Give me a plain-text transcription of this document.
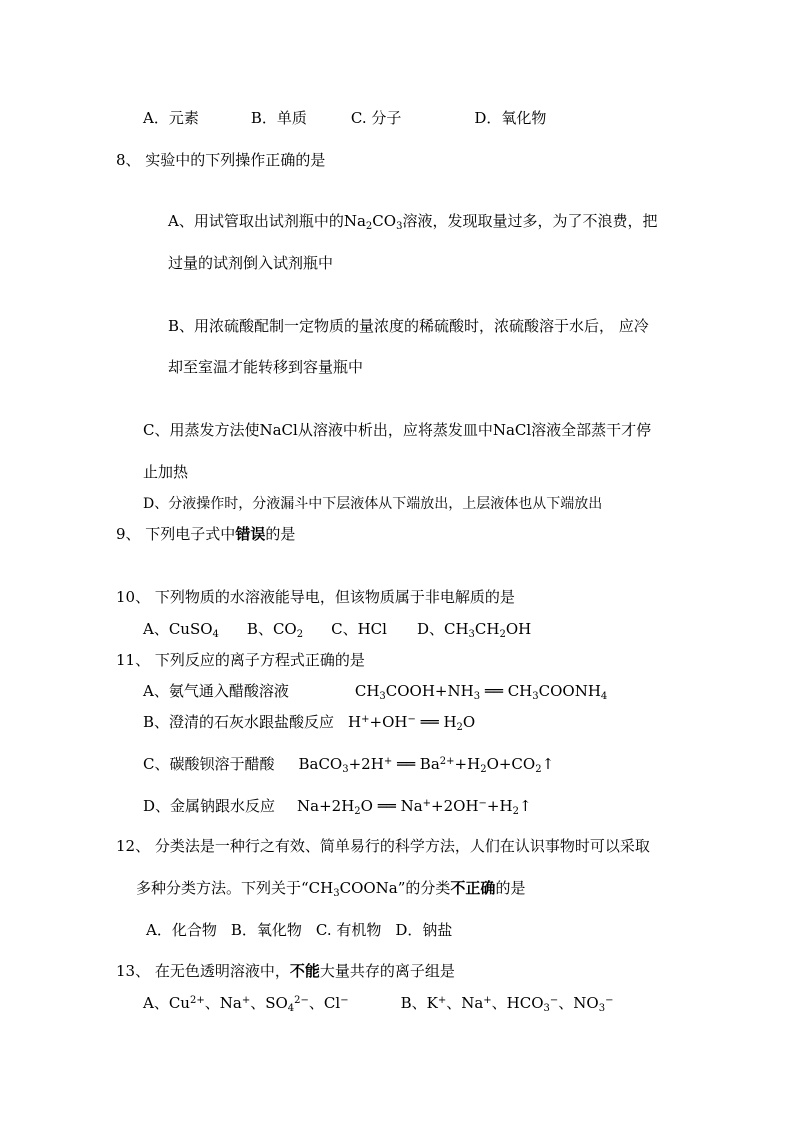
A．元素	B．单质	C. 分子	D．氧化物
8、 实验中的下列操作正确的是
A、用试管取出试剂瓶中的$Na_2CO_3$溶液，发现取量过多，为了不浪费，把
过量的试剂倒入试剂瓶中
B、用浓硫酸配制一定物质的量浓度的稀硫酸时，浓硫酸溶于水后， 应冷
却至室温才能转移到容量瓶中
C、用蒸发方法使NaCl从溶液中析出，应将蒸发皿中NaCl溶液全部蒸干才停
止加热
D、分液操作时，分液漏斗中下层液体从下端放出，上层液体也从下端放出
9、 下列电子式中错误的是
10、 下列物质的水溶液能导电，但该物质属于非电解质的是
A、CuSO$_4$ B、$CO_2$ C、HCl D、$CH_3CH_2OH$
11、 下列反应的离子方程式正确的是
A、氨气通入醋酸溶液	$CH_3COOH+NH_3$ ══ $CH_3COONH_4$
B、澄清的石灰水跟盐酸反应 H++OH− ══ $H_2O$
C、碳酸钡溶于醋酸 BaCO$_3$+2H+ ══ $Ba^{2+}+H_2O+CO_2↑$
D、金属钠跟水反应 $Na+2H_2O$ ══ $Na^++2OH^-+H_2↑$
12、 分类法是一种行之有效、简单易行的科学方法，人们在认识事物时可以采取
多种分类方法。下列关于“$CH_3COONa$”的分类不正确的是
A．化合物 B．氧化物 C. 有机物 D．钠盐
13、 在无色透明溶液中，不能大量共存的离子组是
A、$Cu^{2+}$、Na+、$SO_4^{2-}$、Cl−	B、K+、Na+、$HCO_3^-$、$NO_3^-$
